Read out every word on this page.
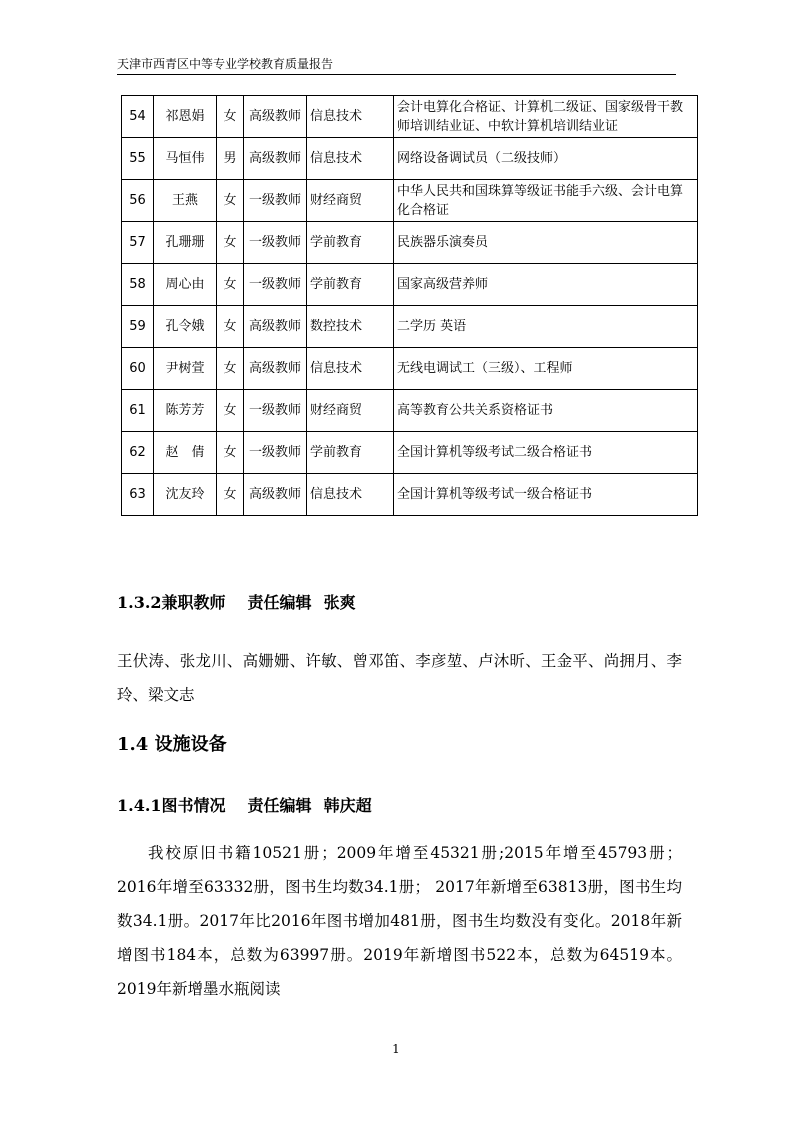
天津市西青区中等专业学校教育质量报告
54	祁恩娟	女	高级教师	信息技术	会计电算化合格证、计算机二级证、国家级骨干教师培训结业证、中软计算机培训结业证
55	马恒伟	男	高级教师	信息技术	网络设备调试员（二级技师）
56	王燕	女	一级教师	财经商贸	中华人民共和国珠算等级证书能手六级、会计电算化合格证
57	孔珊珊	女	一级教师	学前教育	民族器乐演奏员
58	周心由	女	一级教师	学前教育	国家高级营养师
59	孔令娥	女	高级教师	数控技术	二学历 英语
60	尹树萱	女	高级教师	信息技术	无线电调试工（三级）、工程师
61	陈芳芳	女	一级教师	财经商贸	高等教育公共关系资格证书
62	赵　倩	女	一级教师	学前教育	全国计算机等级考试二级合格证书
63	沈友玲	女	高级教师	信息技术	全国计算机等级考试一级合格证书
1.3.2兼职教师 责任编辑 张爽
王伏涛、张龙川、高姗姗、许敏、曾邓笛、李彦堃、卢沐昕、王金平、尚拥月、李玲、梁文志
1.4 设施设备
1.4.1图书情况 责任编辑 韩庆超
我校原旧书籍10521册；2009年增至45321册;2015年增至45793册； 2016年增至63332册，图书生均数34.1册； 2017年新增至63813册，图书生均数34.1册。2017年比2016年图书增加481册，图书生均数没有变化。2018年新增图书184本，总数为63997册。2019年新增图书522本，总数为64519本。2019年新增墨水瓶阅读
1
